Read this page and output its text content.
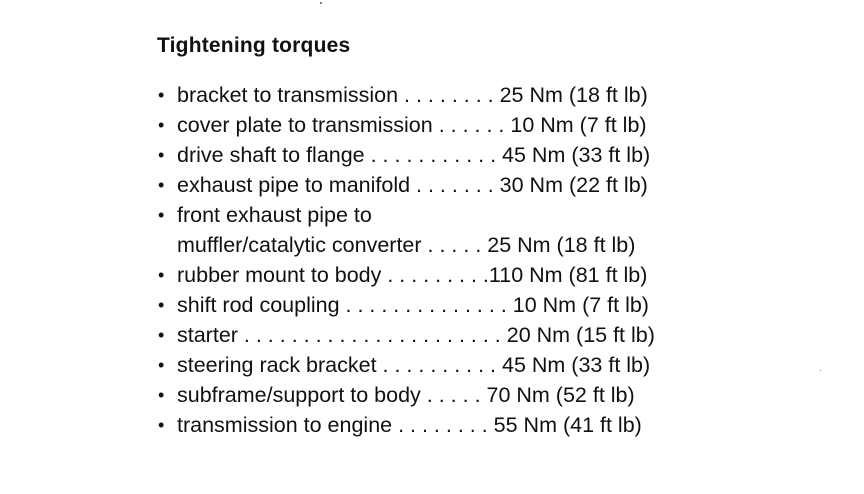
Tightening torques
• bracket to transmission . . . . . . . . 25 Nm (18 ft lb)
• cover plate to transmission . . . . . . 10 Nm (7 ft lb)
• drive shaft to flange . . . . . . . . . . . 45 Nm (33 ft lb)
• exhaust pipe to manifold . . . . . . . 30 Nm (22 ft lb)
• front exhaust pipe to
muffler/catalytic converter . . . . . 25 Nm (18 ft lb)
• rubber mount to body . . . . . . . . .110 Nm (81 ft lb)
• shift rod coupling . . . . . . . . . . . . . . 10 Nm (7 ft lb)
• starter . . . . . . . . . . . . . . . . . . . . . . 20 Nm (15 ft lb)
• steering rack bracket . . . . . . . . . . 45 Nm (33 ft lb)
• subframe/support to body . . . . . 70 Nm (52 ft lb)
• transmission to engine . . . . . . . . 55 Nm (41 ft lb)
